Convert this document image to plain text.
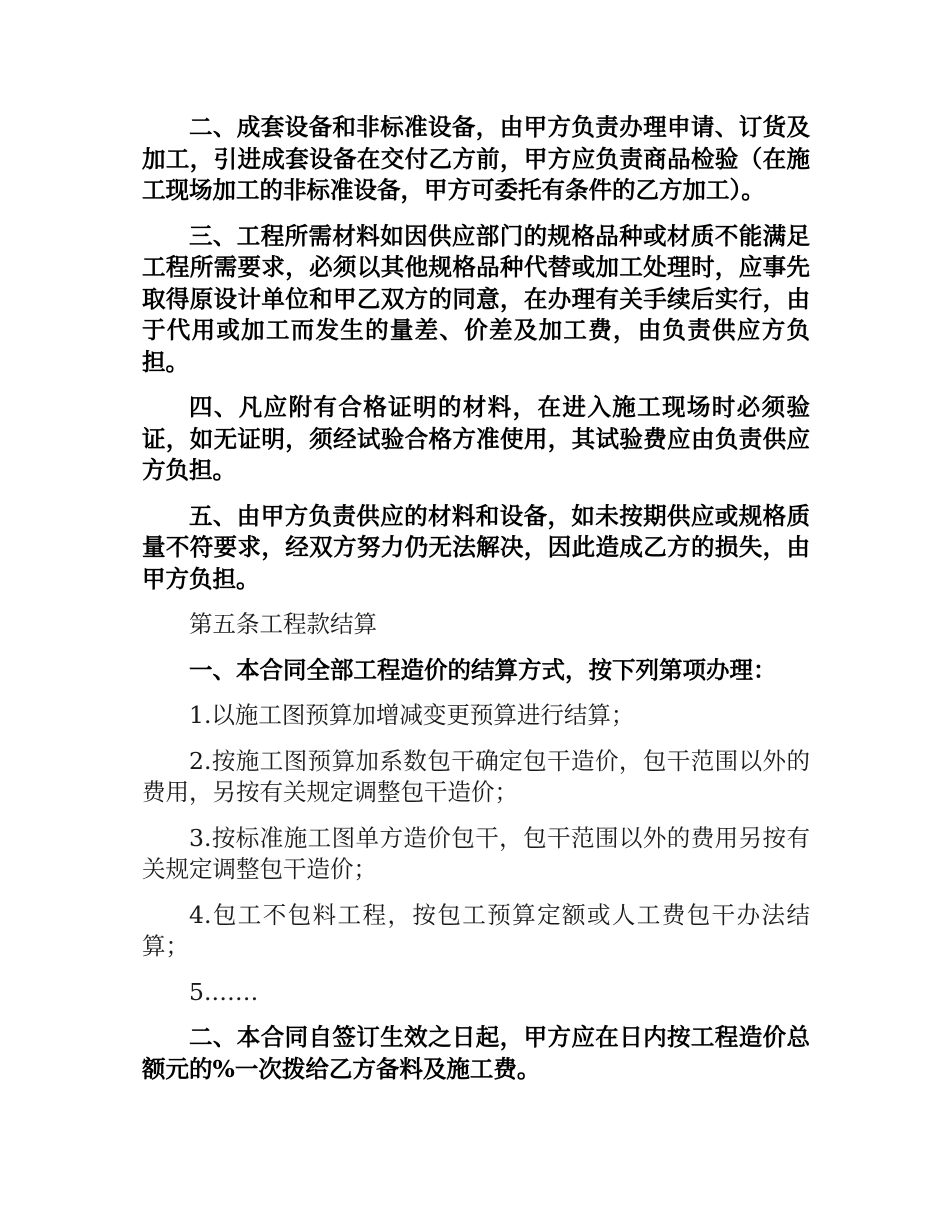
二、成套设备和非标准设备，由甲方负责办理申请、订货及加工，引进成套设备在交付乙方前，甲方应负责商品检验（在施工现场加工的非标准设备，甲方可委托有条件的乙方加工）。

三、工程所需材料如因供应部门的规格品种或材质不能满足工程所需要求，必须以其他规格品种代替或加工处理时，应事先取得原设计单位和甲乙双方的同意，在办理有关手续后实行，由于代用或加工而发生的量差、价差及加工费，由负责供应方负担。

四、凡应附有合格证明的材料，在进入施工现场时必须验证，如无证明，须经试验合格方准使用，其试验费应由负责供应方负担。

五、由甲方负责供应的材料和设备，如未按期供应或规格质量不符要求，经双方努力仍无法解决，因此造成乙方的损失，由甲方负担。

第五条工程款结算

一、本合同全部工程造价的结算方式，按下列第项办理：

1.以施工图预算加增减变更预算进行结算；

2.按施工图预算加系数包干确定包干造价，包干范围以外的费用，另按有关规定调整包干造价；

3.按标准施工图单方造价包干，包干范围以外的费用另按有关规定调整包干造价；

4.包工不包料工程，按包工预算定额或人工费包干办法结算；

5.……

二、本合同自签订生效之日起，甲方应在日内按工程造价总额元的%一次拨给乙方备料及施工费。
